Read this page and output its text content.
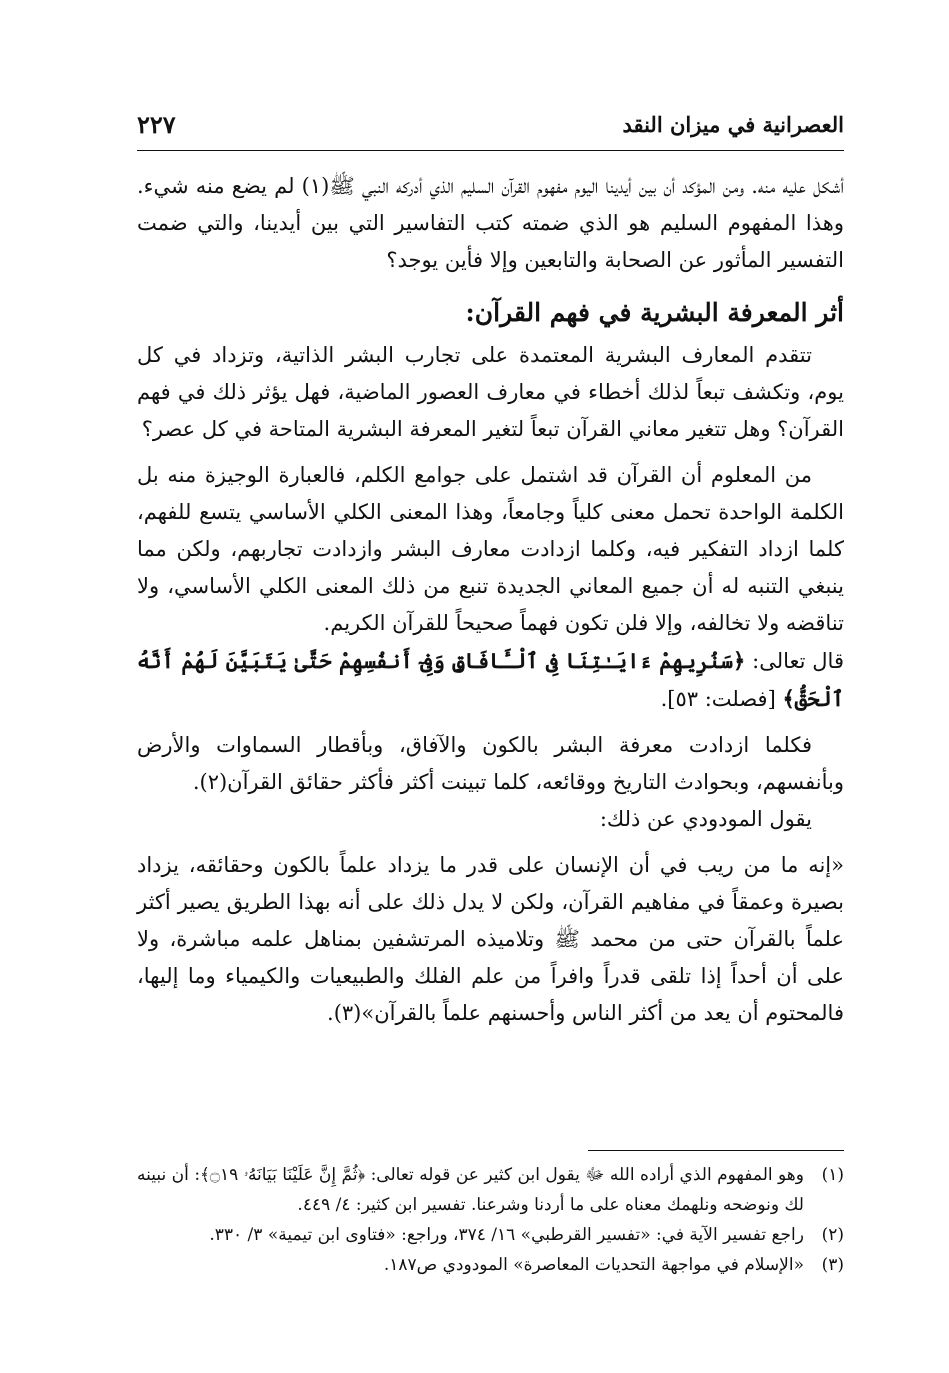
العصرانية في ميزان النقد
٢٢٧

أشكل عليه منه. ومن المؤكد أن بين أيدينا اليوم مفهوم القرآن السليم الذي أدركه النبي ﷺ(١) لم يضع منه شيء. وهذا المفهوم السليم هو الذي ضمته كتب التفاسير التي بين أيدينا، والتي ضمت التفسير المأثور عن الصحابة والتابعين وإلا فأين يوجد؟

أثر المعرفة البشرية في فهم القرآن:

تتقدم المعارف البشرية المعتمدة على تجارب البشر الذاتية، وتزداد في كل يوم، وتكشف تبعاً لذلك أخطاء في معارف العصور الماضية، فهل يؤثر ذلك في فهم القرآن؟ وهل تتغير معاني القرآن تبعاً لتغير المعرفة البشرية المتاحة في كل عصر؟

من المعلوم أن القرآن قد اشتمل على جوامع الكلم، فالعبارة الوجيزة منه بل الكلمة الواحدة تحمل معنى كلياً وجامعاً، وهذا المعنى الكلي الأساسي يتسع للفهم، كلما ازداد التفكير فيه، وكلما ازدادت معارف البشر وازدادت تجاربهم، ولكن مما ينبغي التنبه له أن جميع المعاني الجديدة تنبع من ذلك المعنى الكلي الأساسي، ولا تناقضه ولا تخالفه، وإلا فلن تكون فهماً صحيحاً للقرآن الكريم.

قال تعالى: ﴿سَنُرِيهِمْ ءَايَـٰتِنَا فِى ٱلْـَٔافَاقِ وَفِىٓ أَنفُسِهِمْ حَتَّىٰ يَتَبَيَّنَ لَهُمْ أَنَّهُ ٱلْحَقُّ﴾ [فصلت: ٥٣].

فكلما ازدادت معرفة البشر بالكون والآفاق، وبأقطار السماوات والأرض وبأنفسهم، وبحوادث التاريخ ووقائعه، كلما تبينت أكثر فأكثر حقائق القرآن(٢).

يقول المودودي عن ذلك:

«إنه ما من ريب في أن الإنسان على قدر ما يزداد علماً بالكون وحقائقه، يزداد بصيرة وعمقاً في مفاهيم القرآن، ولكن لا يدل ذلك على أنه بهذا الطريق يصير أكثر علماً بالقرآن حتى من محمد ﷺ وتلاميذه المرتشفين بمناهل علمه مباشرة، ولا على أن أحداً إذا تلقى قدراً وافراً من علم الفلك والطبيعيات والكيمياء وما إليها، فالمحتوم أن يعد من أكثر الناس وأحسنهم علماً بالقرآن»(٣).

(١)
وهو المفهوم الذي أراده الله ﷻ يقول ابن كثير عن قوله تعالى: ﴿ثُمَّ إِنَّ عَلَيْنَا بَيَانَهُۥ ۝١٩﴾: أن نبينه لك ونوضحه ونلهمك معناه على ما أردنا وشرعنا. تفسير ابن كثير: ٤/ ٤٤٩.
(٢)
راجع تفسير الآية في: «تفسير القرطبي» ١٦/ ٣٧٤، وراجع: «فتاوى ابن تيمية» ٣/ ٣٣٠.
(٣)
«الإسلام في مواجهة التحديات المعاصرة» المودودي ص١٨٧.
